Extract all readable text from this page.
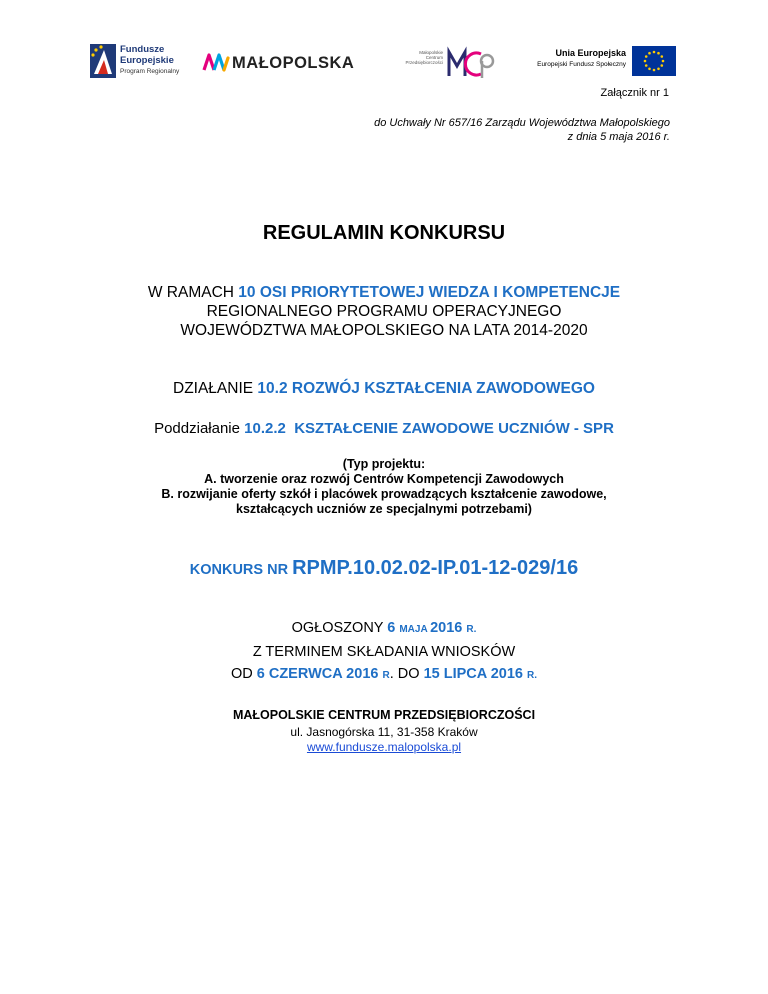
Fundusze
Europejskie
Program Regionalny	MAŁOPOLSKA
Małopolskie Centrum Przedsiębiorczości
Unia Europejska
Europejski Fundusz Społeczny
Załącznik nr 1
do Uchwały Nr 657/16 Zarządu Województwa Małopolskiego
z dnia 5 maja 2016 r.
REGULAMIN KONKURSU
W RAMACH 10 OSI PRIORYTETOWEJ WIEDZA I KOMPETENCJE
REGIONALNEGO PROGRAMU OPERACYJNEGO
WOJEWÓDZTWA MAŁOPOLSKIEGO NA LATA 2014-2020
DZIAŁANIE 10.2 ROZWÓJ KSZTAŁCENIA ZAWODOWEGO
Poddziałanie 10.2.2  KSZTAŁCENIE ZAWODOWE UCZNIÓW - SPR
(Typ projektu:
A. tworzenie oraz rozwój Centrów Kompetencji Zawodowych
B. rozwijanie oferty szkół i placówek prowadzących kształcenie zawodowe,
kształcących uczniów ze specjalnymi potrzebami)
KONKURS NR RPMP.10.02.02-IP.01-12-029/16
OGŁOSZONY 6 MAJA 2016 R.
Z TERMINEM SKŁADANIA WNIOSKÓW
OD 6 CZERWCA 2016 R. DO 15 LIPCA 2016 R.
MAŁOPOLSKIE CENTRUM PRZEDSIĘBIORCZOŚCI
ul. Jasnogórska 11, 31-358 Kraków
www.fundusze.malopolska.pl
